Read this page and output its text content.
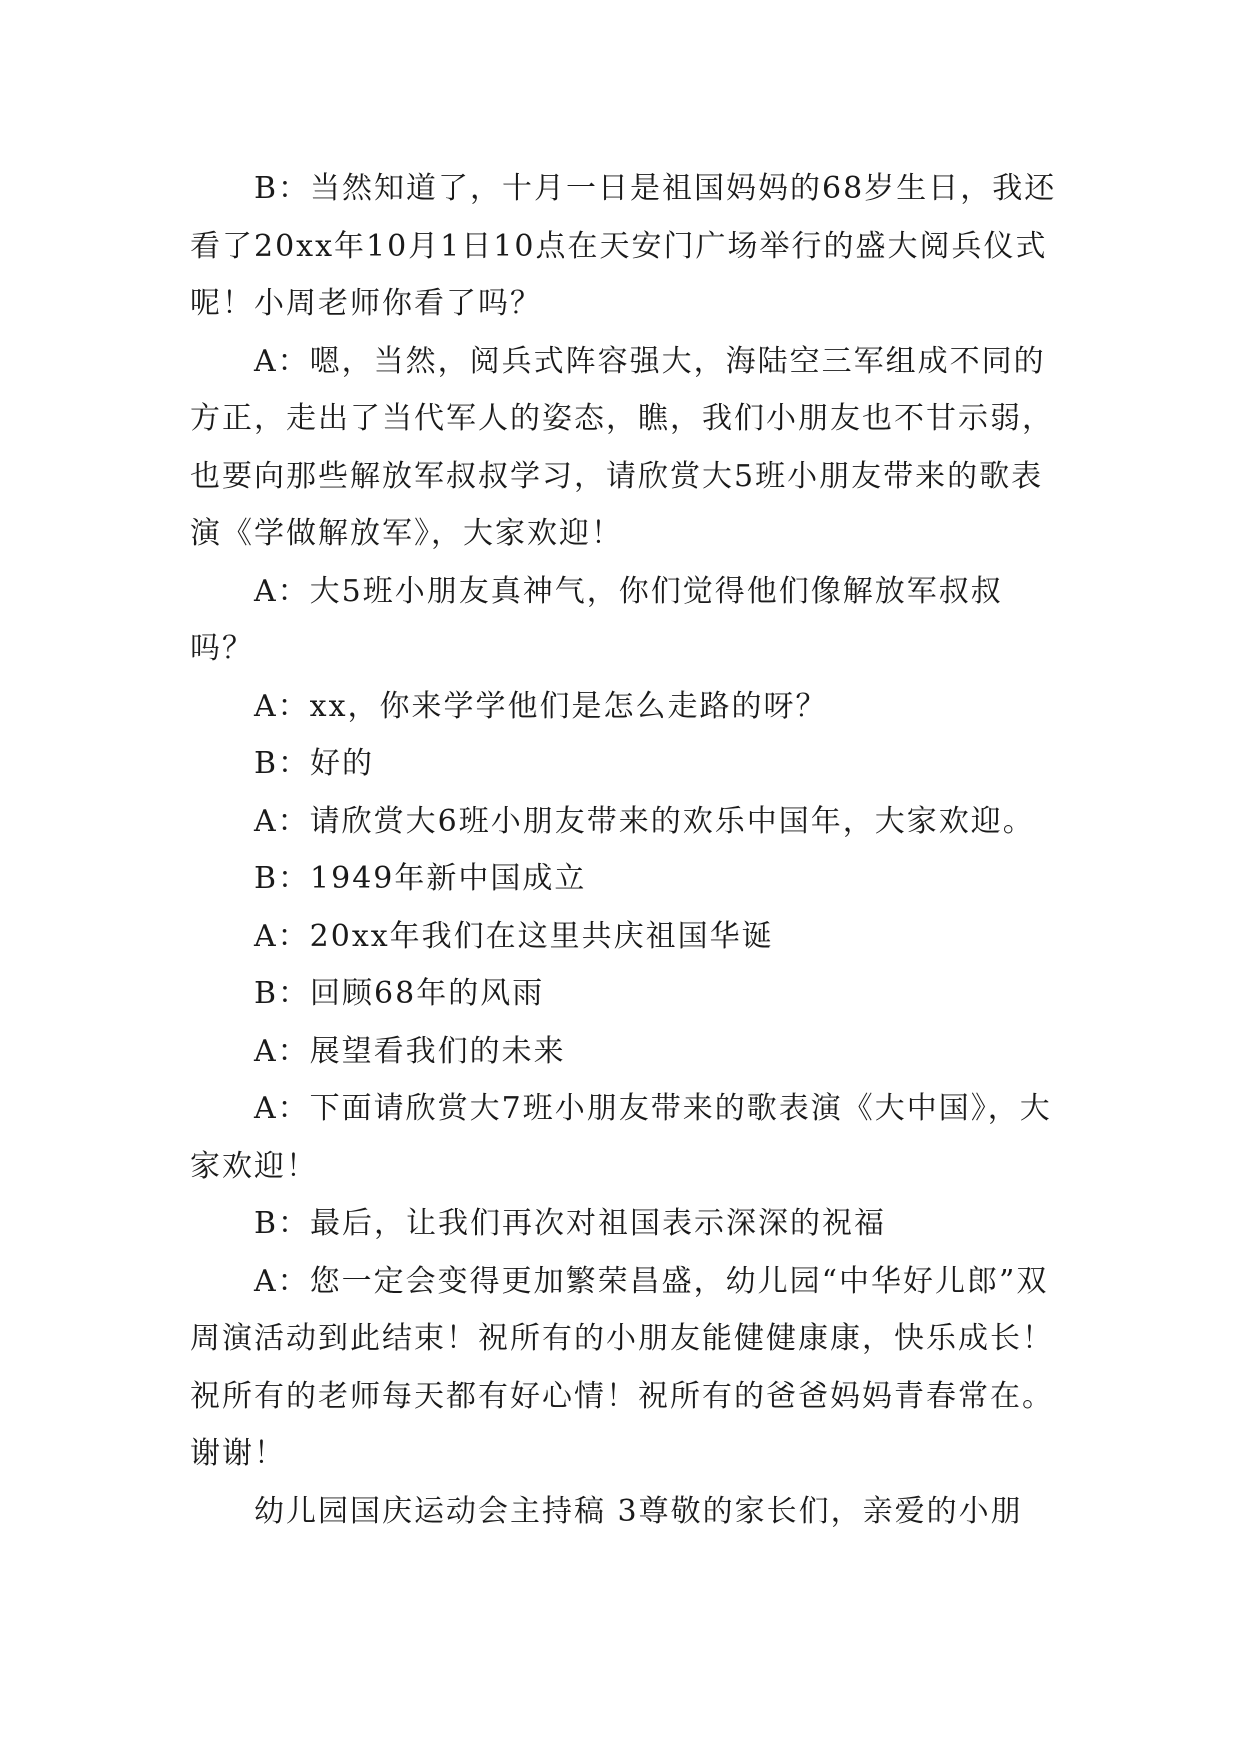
B：当然知道了，十月一日是祖国妈妈的68岁生日，我还看了20xx年10月1日10点在天安门广场举行的盛大阅兵仪式呢！小周老师你看了吗？

A：嗯，当然，阅兵式阵容强大，海陆空三军组成不同的方正，走出了当代军人的姿态，瞧，我们小朋友也不甘示弱，也要向那些解放军叔叔学习，请欣赏大5班小朋友带来的歌表演《学做解放军》，大家欢迎！

A：大5班小朋友真神气，你们觉得他们像解放军叔叔吗？

A：xx，你来学学他们是怎么走路的呀？

B：好的

A：请欣赏大6班小朋友带来的欢乐中国年，大家欢迎。

B：1949年新中国成立

A：20xx年我们在这里共庆祖国华诞

B：回顾68年的风雨

A：展望看我们的未来

A：下面请欣赏大7班小朋友带来的歌表演《大中国》，大家欢迎！

B：最后，让我们再次对祖国表示深深的祝福

A：您一定会变得更加繁荣昌盛，幼儿园“中华好儿郎”双周演活动到此结束！祝所有的小朋友能健健康康，快乐成长！祝所有的老师每天都有好心情！祝所有的爸爸妈妈青春常在。谢谢！

幼儿园国庆运动会主持稿 3尊敬的家长们，亲爱的小朋
